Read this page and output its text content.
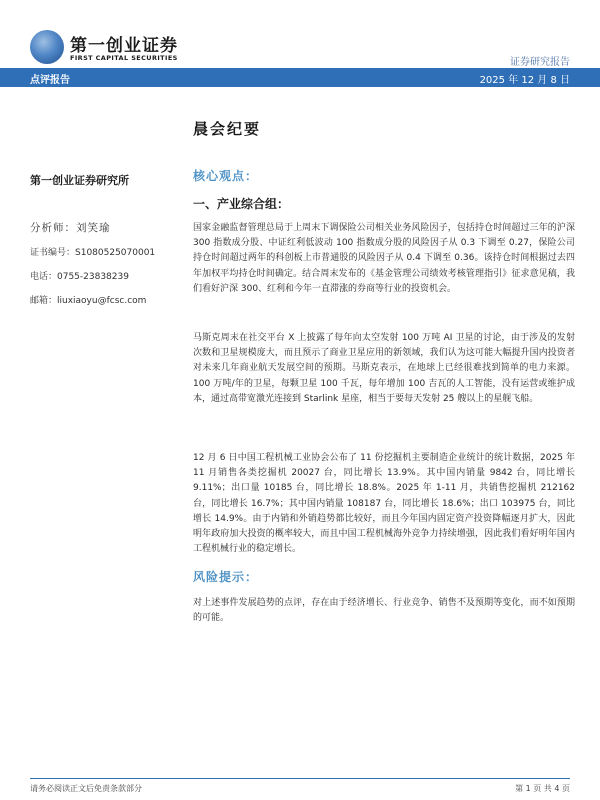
第一创业证券
FIRST CAPITAL SECURITIES	证券研究报告
点评报告	2025 年 12 月 8 日
晨会纪要
第一创业证券研究所
分析师：刘笑瑜
证书编号：S1080525070001
电话：0755-23838239
邮箱：liuxiaoyu@fcsc.com
核心观点：
一、产业综合组：

国家金融监督管理总局于上周末下调保险公司相关业务风险因子，包括持仓时间超过三年的沪深 300 指数成分股、中证红利低波动 100 指数成分股的风险因子从 0.3 下调至 0.27，保险公司持仓时间超过两年的科创板上市普通股的风险因子从 0.4 下调至 0.36。该持仓时间根据过去四年加权平均持仓时间确定。结合周末发布的《基金管理公司绩效考核管理指引》征求意见稿，我们看好沪深 300、红利和今年一直滞涨的券商等行业的投资机会。

马斯克周末在社交平台 X 上披露了每年向太空发射 100 万吨 AI 卫星的讨论，由于涉及的发射次数和卫星规模庞大，而且预示了商业卫星应用的新领域，我们认为这可能大幅提升国内投资者对未来几年商业航天发展空间的预期。马斯克表示，在地球上已经很难找到简单的电力来源。100 万吨/年的卫星，每颗卫星 100 千瓦，每年增加 100 吉瓦的人工智能，没有运营或维护成本，通过高带宽激光连接到 Starlink 星座，相当于要每天发射 25 艘以上的星舰飞船。

12 月 6 日中国工程机械工业协会公布了 11 份挖掘机主要制造企业统计的统计数据，2025 年 11 月销售各类挖掘机 20027 台，同比增长 13.9%。其中国内销量 9842 台，同比增长 9.11%；出口量 10185 台，同比增长 18.8%。2025 年 1-11 月，共销售挖掘机 212162 台，同比增长 16.7%；其中国内销量 108187 台，同比增长 18.6%；出口 103975 台，同比增长 14.9%。由于内销和外销趋势都比较好，而且今年国内固定资产投资降幅逐月扩大，因此明年政府加大投资的概率较大，而且中国工程机械海外竞争力持续增强，因此我们看好明年国内工程机械行业的稳定增长。

风险提示：

对上述事件发展趋势的点评，存在由于经济增长、行业竞争、销售不及预期等变化，而不如预期的可能。

请务必阅读正文后免责条款部分	第 1 页 共 4 页
